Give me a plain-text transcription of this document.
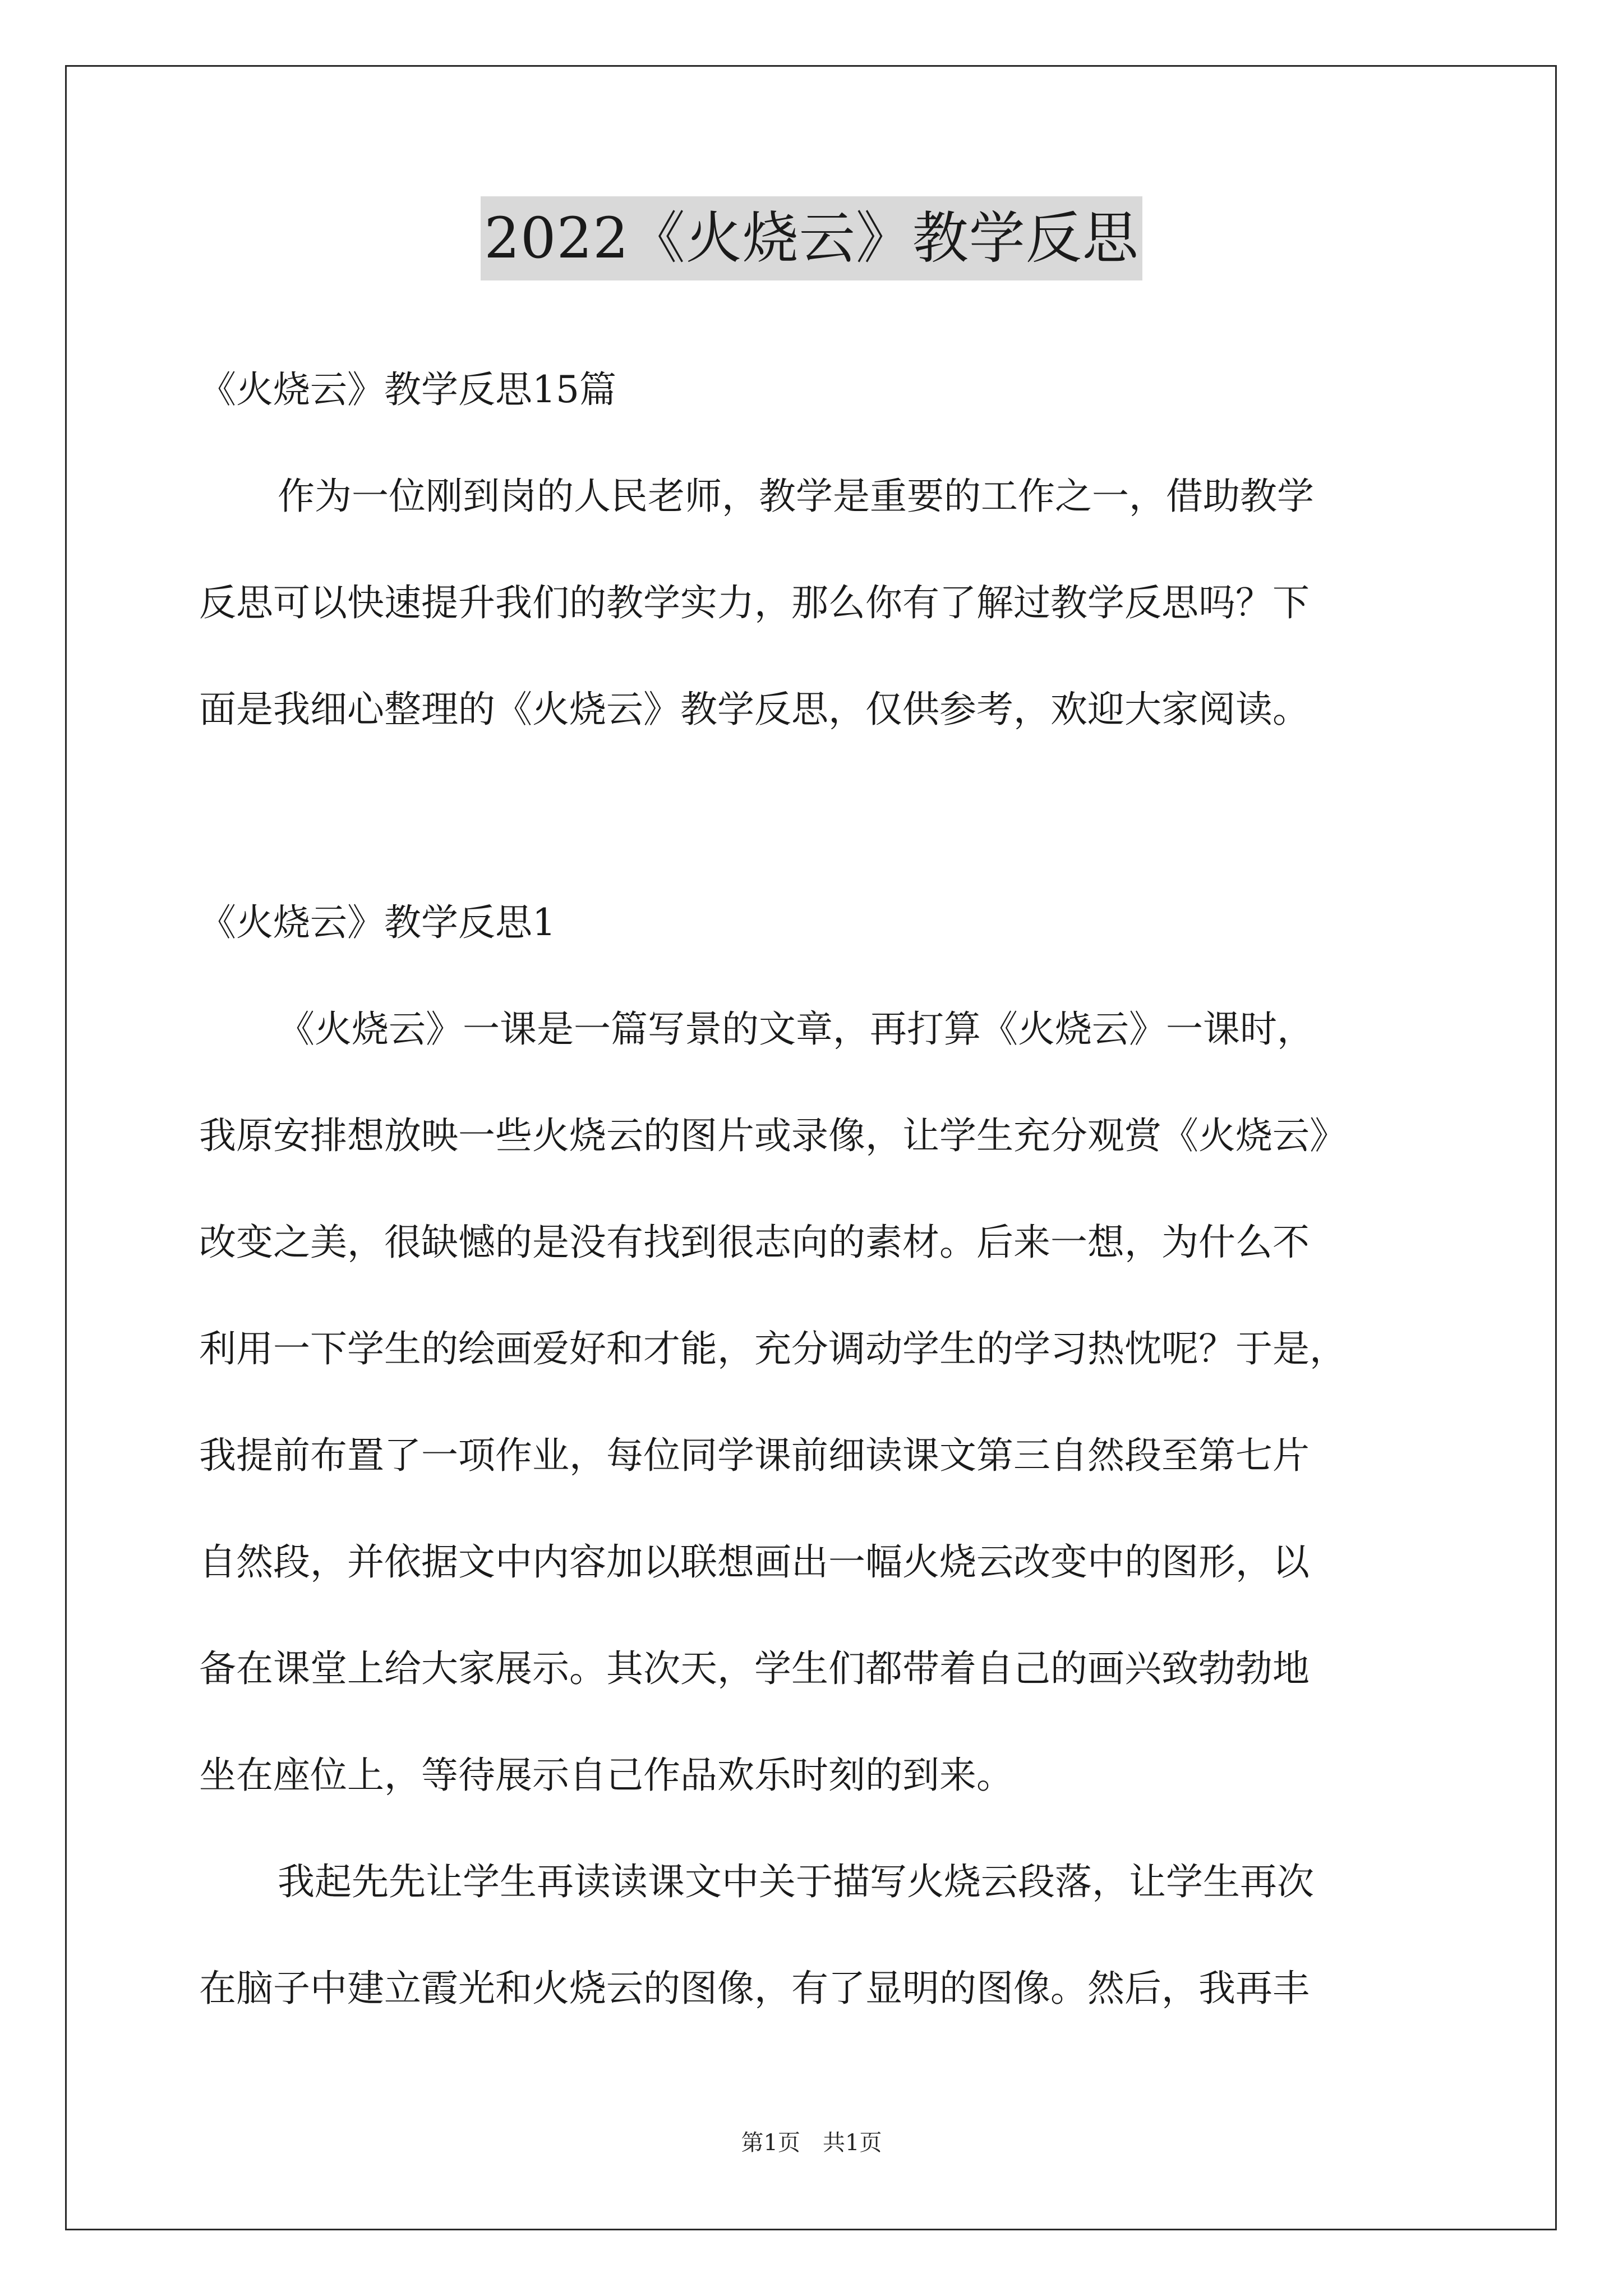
2022《火烧云》教学反思
《火烧云》教学反思15篇
作为一位刚到岗的人民老师，教学是重要的工作之一，借助教学
反思可以快速提升我们的教学实力，那么你有了解过教学反思吗？下
面是我细心整理的《火烧云》教学反思，仅供参考，欢迎大家阅读。
《火烧云》教学反思1
《火烧云》一课是一篇写景的文章，再打算《火烧云》一课时，
我原安排想放映一些火烧云的图片或录像，让学生充分观赏《火烧云》
改变之美，很缺憾的是没有找到很志向的素材。后来一想，为什么不
利用一下学生的绘画爱好和才能，充分调动学生的学习热忱呢？于是，
我提前布置了一项作业，每位同学课前细读课文第三自然段至第七片
自然段，并依据文中内容加以联想画出一幅火烧云改变中的图形，以
备在课堂上给大家展示。其次天，学生们都带着自己的画兴致勃勃地
坐在座位上，等待展示自己作品欢乐时刻的到来。
我起先先让学生再读读课文中关于描写火烧云段落，让学生再次
在脑子中建立霞光和火烧云的图像，有了显明的图像。然后，我再丰
第1页　共1页
